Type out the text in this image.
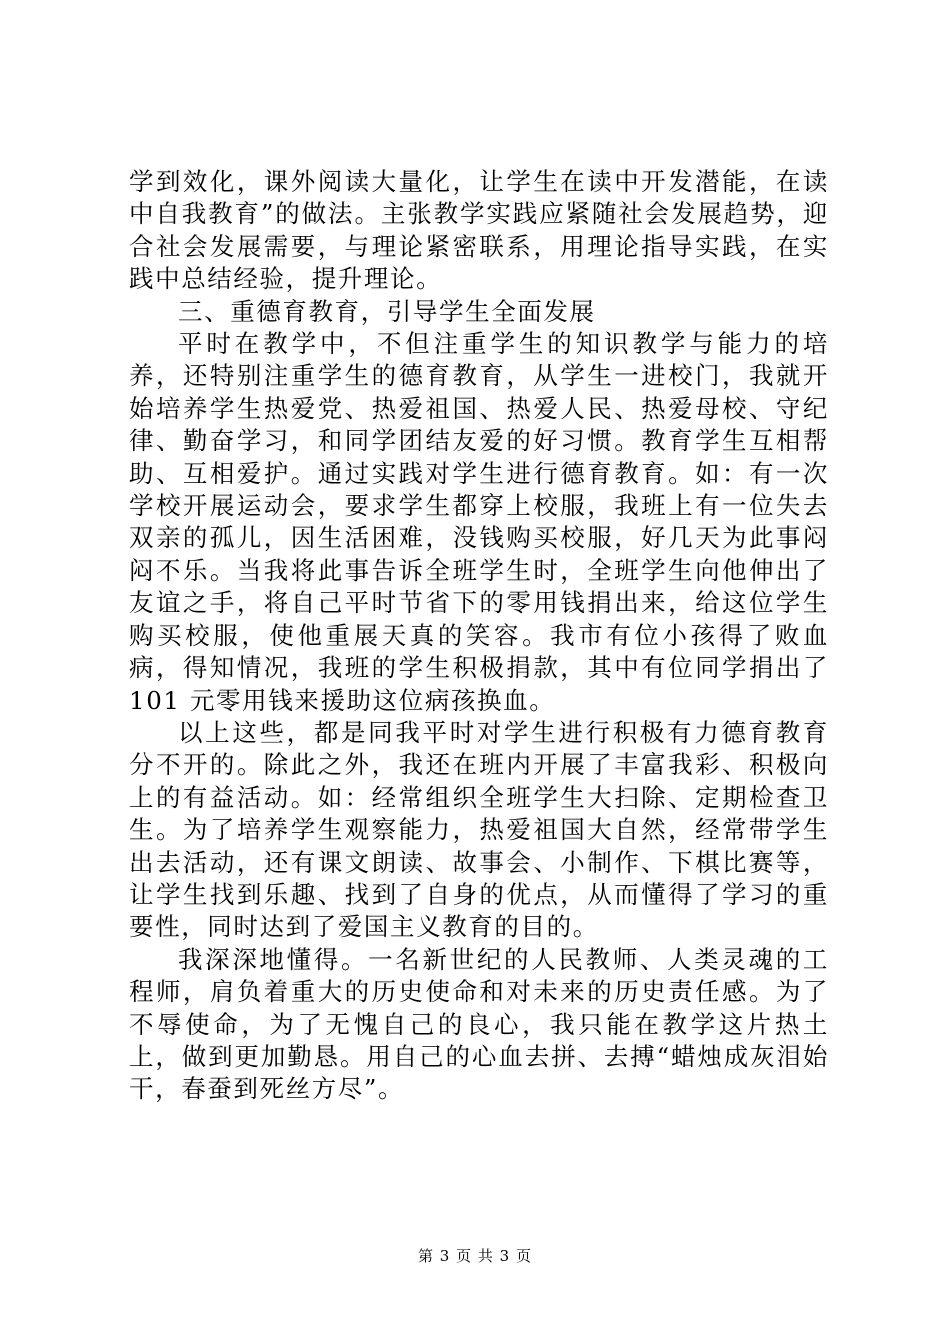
学到效化，课外阅读大量化，让学生在读中开发潜能，在读中自我教育”的做法。主张教学实践应紧随社会发展趋势，迎合社会发展需要，与理论紧密联系，用理论指导实践，在实践中总结经验，提升理论。

三、重德育教育，引导学生全面发展

平时在教学中，不但注重学生的知识教学与能力的培养，还特别注重学生的德育教育，从学生一进校门，我就开始培养学生热爱党、热爱祖国、热爱人民、热爱母校、守纪律、勤奋学习，和同学团结友爱的好习惯。教育学生互相帮助、互相爱护。通过实践对学生进行德育教育。如：有一次学校开展运动会，要求学生都穿上校服，我班上有一位失去双亲的孤儿，因生活困难，没钱购买校服，好几天为此事闷闷不乐。当我将此事告诉全班学生时，全班学生向他伸出了友谊之手，将自己平时节省下的零用钱捐出来，给这位学生购买校服，使他重展天真的笑容。我市有位小孩得了败血病，得知情况，我班的学生积极捐款，其中有位同学捐出了 101 元零用钱来援助这位病孩换血。

以上这些，都是同我平时对学生进行积极有力德育教育分不开的。除此之外，我还在班内开展了丰富我彩、积极向上的有益活动。如：经常组织全班学生大扫除、定期检查卫生。为了培养学生观察能力，热爱祖国大自然，经常带学生出去活动，还有课文朗读、故事会、小制作、下棋比赛等，让学生找到乐趣、找到了自身的优点，从而懂得了学习的重要性，同时达到了爱国主义教育的目的。

我深深地懂得。一名新世纪的人民教师、人类灵魂的工程师，肩负着重大的历史使命和对未来的历史责任感。为了不辱使命，为了无愧自己的良心，我只能在教学这片热土上，做到更加勤恳。用自己的心血去拼、去搏“蜡烛成灰泪始干，春蚕到死丝方尽”。

第 3 页 共 3 页
